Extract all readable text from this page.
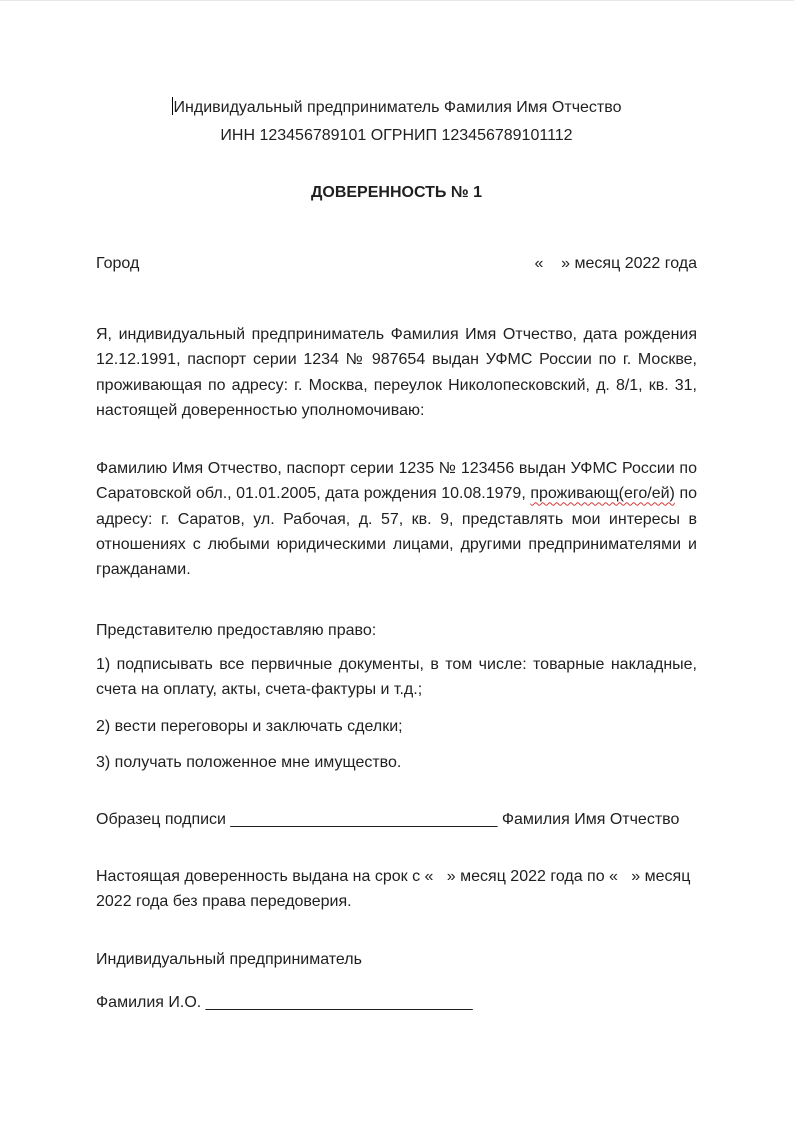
Индивидуальный предприниматель Фамилия Имя Отчество
ИНН 123456789101 ОГРНИП 123456789101112
ДОВЕРЕННОСТЬ № 1
Город	«    » месяц 2022 года
Я, индивидуальный предприниматель Фамилия Имя Отчество, дата рождения 12.12.1991, паспорт серии 1234 № 987654 выдан УФМС России по г. Москве, проживающая по адресу: г. Москва, переулок Николопесковский, д. 8/1, кв. 31, настоящей доверенностью уполномочиваю:
Фамилию Имя Отчество, паспорт серии 1235 № 123456 выдан УФМС России по Саратовской обл., 01.01.2005, дата рождения 10.08.1979, проживающ(его/ей) по адресу: г. Саратов, ул. Рабочая, д. 57, кв. 9, представлять мои интересы в отношениях с любыми юридическими лицами, другими предпринимателями и гражданами.
Представителю предоставляю право:
1) подписывать все первичные документы, в том числе: товарные накладные, счета на оплату, акты, счета-фактуры и т.д.;
2) вести переговоры и заключать сделки;
3) получать положенное мне имущество.
Образец подписи ______________________________ Фамилия Имя Отчество
Настоящая доверенность выдана на срок с «   » месяц 2022 года по «   » месяц 2022 года без права передоверия.
Индивидуальный предприниматель
Фамилия И.О. ______________________________
